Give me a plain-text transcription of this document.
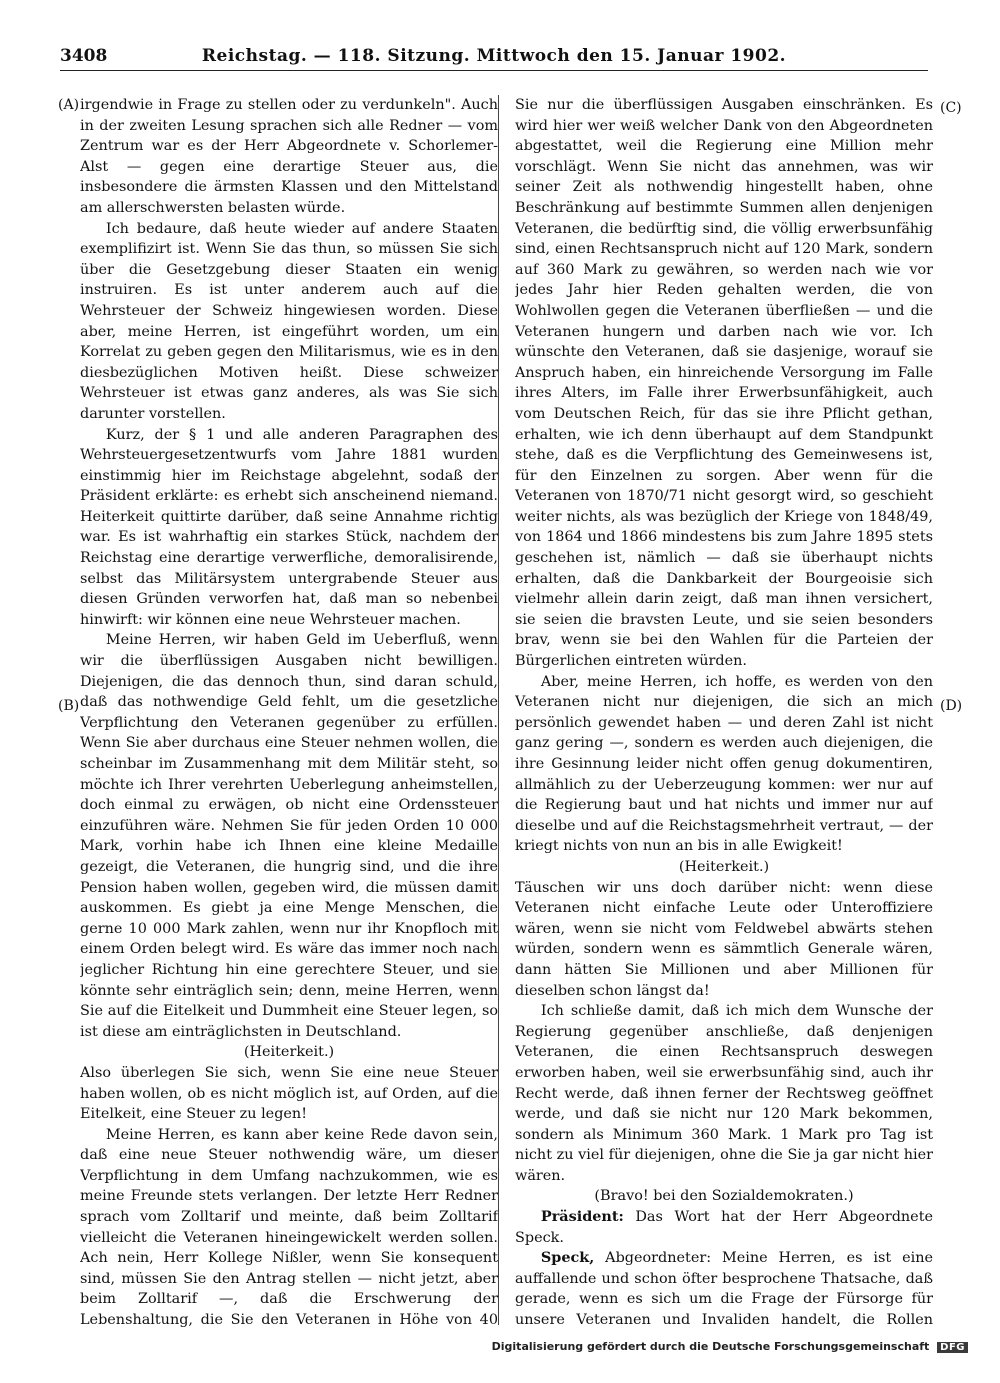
3408	Reichstag. — 118. Sitzung. Mittwoch den 15. Januar 1902.
(A)
(B)
(C)
(D)

irgendwie in Frage zu stellen oder zu verdunkeln". Auch in der zweiten Lesung sprachen sich alle Redner — vom Zentrum war es der Herr Abgeordnete v. Schorlemer-Alst — gegen eine derartige Steuer aus, die insbesondere die ärmsten Klassen und den Mittelstand am allerschwersten belasten würde.

Ich bedaure, daß heute wieder auf andere Staaten exemplifizirt ist. Wenn Sie das thun, so müssen Sie sich über die Gesetzgebung dieser Staaten ein wenig instruiren. Es ist unter anderem auch auf die Wehrsteuer der Schweiz hingewiesen worden. Diese aber, meine Herren, ist eingeführt worden, um ein Korrelat zu geben gegen den Militarismus, wie es in den diesbezüglichen Motiven heißt. Diese schweizer Wehrsteuer ist etwas ganz anderes, als was Sie sich darunter vorstellen.

Kurz, der § 1 und alle anderen Paragraphen des Wehrsteuergesetzentwurfs vom Jahre 1881 wurden einstimmig hier im Reichstage abgelehnt, sodaß der Präsident erklärte: es erhebt sich anscheinend niemand. Heiterkeit quittirte darüber, daß seine Annahme richtig war. Es ist wahrhaftig ein starkes Stück, nachdem der Reichstag eine derartige verwerfliche, demoralisirende, selbst das Militärsystem untergrabende Steuer aus diesen Gründen verworfen hat, daß man so nebenbei hinwirft: wir können eine neue Wehrsteuer machen.

Meine Herren, wir haben Geld im Ueberfluß, wenn wir die überflüssigen Ausgaben nicht bewilligen. Diejenigen, die das dennoch thun, sind daran schuld, daß das nothwendige Geld fehlt, um die gesetzliche Verpflichtung den Veteranen gegenüber zu erfüllen. Wenn Sie aber durchaus eine Steuer nehmen wollen, die scheinbar im Zusammenhang mit dem Militär steht, so möchte ich Ihrer verehrten Ueberlegung anheimstellen, doch einmal zu erwägen, ob nicht eine Ordenssteuer einzuführen wäre. Nehmen Sie für jeden Orden 10 000 Mark, vorhin habe ich Ihnen eine kleine Medaille gezeigt, die Veteranen, die hungrig sind, und die ihre Pension haben wollen, gegeben wird, die müssen damit auskommen. Es giebt ja eine Menge Menschen, die gerne 10 000 Mark zahlen, wenn nur ihr Knopfloch mit einem Orden belegt wird. Es wäre das immer noch nach jeglicher Richtung hin eine gerechtere Steuer, und sie könnte sehr einträglich sein; denn, meine Herren, wenn Sie auf die Eitelkeit und Dummheit eine Steuer legen, so ist diese am einträglichsten in Deutschland.

(Heiterkeit.)

Also überlegen Sie sich, wenn Sie eine neue Steuer haben wollen, ob es nicht möglich ist, auf Orden, auf die Eitelkeit, eine Steuer zu legen!

Meine Herren, es kann aber keine Rede davon sein, daß eine neue Steuer nothwendig wäre, um dieser Verpflichtung in dem Umfang nachzukommen, wie es meine Freunde stets verlangen. Der letzte Herr Redner sprach vom Zolltarif und meinte, daß beim Zolltarif vielleicht die Veteranen hineingewickelt werden sollen. Ach nein, Herr Kollege Nißler, wenn Sie konsequent sind, müssen Sie den Antrag stellen — nicht jetzt, aber beim Zolltarif —, daß die Erschwerung der Lebenshaltung, die Sie den Veteranen in Höhe von 40

Sie nur die überflüssigen Ausgaben einschränken. Es wird hier wer weiß welcher Dank von den Abgeordneten abgestattet, weil die Regierung eine Million mehr vorschlägt. Wenn Sie nicht das annehmen, was wir seiner Zeit als nothwendig hingestellt haben, ohne Beschränkung auf bestimmte Summen allen denjenigen Veteranen, die bedürftig sind, die völlig erwerbsunfähig sind, einen Rechtsanspruch nicht auf 120 Mark, sondern auf 360 Mark zu gewähren, so werden nach wie vor jedes Jahr hier Reden gehalten werden, die von Wohlwollen gegen die Veteranen überfließen — und die Veteranen hungern und darben nach wie vor. Ich wünschte den Veteranen, daß sie dasjenige, worauf sie Anspruch haben, ein hinreichende Versorgung im Falle ihres Alters, im Falle ihrer Erwerbsunfähigkeit, auch vom Deutschen Reich, für das sie ihre Pflicht gethan, erhalten, wie ich denn überhaupt auf dem Standpunkt stehe, daß es die Verpflichtung des Gemeinwesens ist, für den Einzelnen zu sorgen. Aber wenn für die Veteranen von 1870/71 nicht gesorgt wird, so geschieht weiter nichts, als was bezüglich der Kriege von 1848/49, von 1864 und 1866 mindestens bis zum Jahre 1895 stets geschehen ist, nämlich — daß sie überhaupt nichts erhalten, daß die Dankbarkeit der Bourgeoisie sich vielmehr allein darin zeigt, daß man ihnen versichert, sie seien die bravsten Leute, und sie seien besonders brav, wenn sie bei den Wahlen für die Parteien der Bürgerlichen eintreten würden.

Aber, meine Herren, ich hoffe, es werden von den Veteranen nicht nur diejenigen, die sich an mich persönlich gewendet haben — und deren Zahl ist nicht ganz gering —, sondern es werden auch diejenigen, die ihre Gesinnung leider nicht offen genug dokumentiren, allmählich zu der Ueberzeugung kommen: wer nur auf die Regierung baut und hat nichts und immer nur auf dieselbe und auf die Reichstagsmehrheit vertraut, — der kriegt nichts von nun an bis in alle Ewigkeit!

(Heiterkeit.)

Täuschen wir uns doch darüber nicht: wenn diese Veteranen nicht einfache Leute oder Unteroffiziere wären, wenn sie nicht vom Feldwebel abwärts stehen würden, sondern wenn es sämmtlich Generale wären, dann hätten Sie Millionen und aber Millionen für dieselben schon längst da!

Ich schließe damit, daß ich mich dem Wunsche der Regierung gegenüber anschließe, daß denjenigen Veteranen, die einen Rechtsanspruch deswegen erworben haben, weil sie erwerbsunfähig sind, auch ihr Recht werde, daß ihnen ferner der Rechtsweg geöffnet werde, und daß sie nicht nur 120 Mark bekommen, sondern als Minimum 360 Mark. 1 Mark pro Tag ist nicht zu viel für diejenigen, ohne die Sie ja gar nicht hier wären.

(Bravo! bei den Sozialdemokraten.)

Präsident: Das Wort hat der Herr Abgeordnete Speck.

Speck, Abgeordneter: Meine Herren, es ist eine auffallende und schon öfter besprochene Thatsache, daß gerade, wenn es sich um die Frage der Fürsorge für unsere Veteranen und Invaliden handelt, die Rollen

Digitalisierung gefördert durch die Deutsche Forschungsgemeinschaft DFG
